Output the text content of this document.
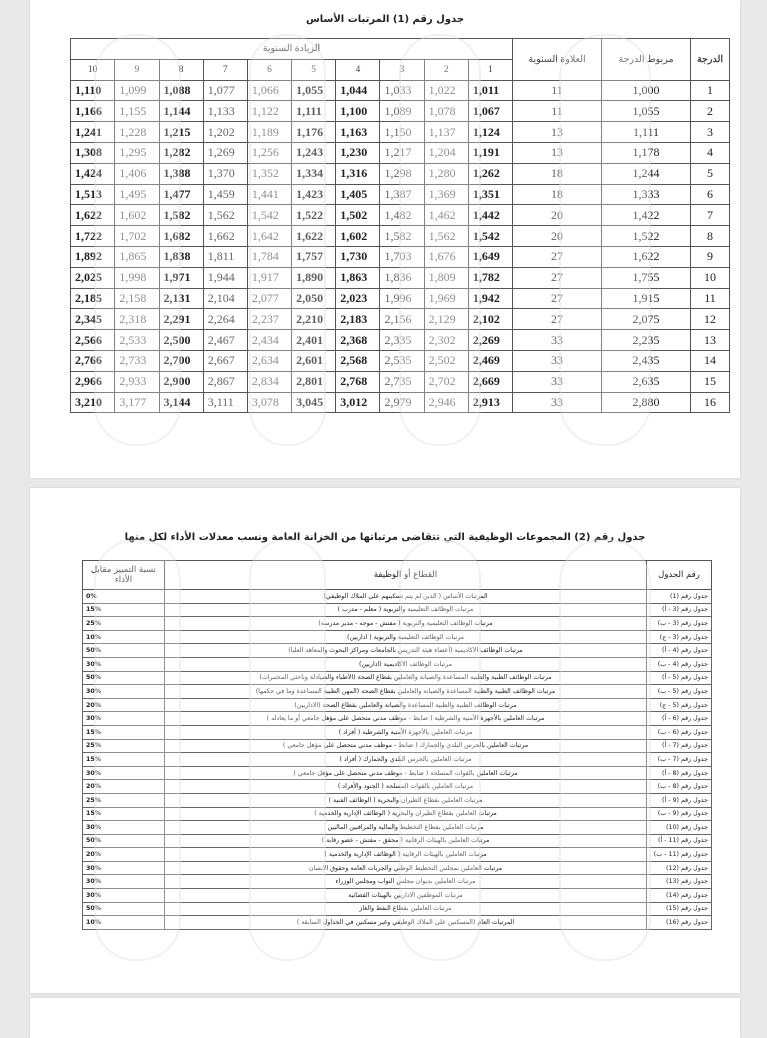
جدول رقم (1) المرتبات الأساس
الدرجة	مربوط الدرجة	العلاوة السنوية	الزيادة السنوية									
			1	2	3	4	5	6	7	8	9	10
1	1,000	11	1,011	1,022	1,033	1,044	1,055	1,066	1,077	1,088	1,099	1,110
2	1,055	11	1,067	1,078	1,089	1,100	1,111	1,122	1,133	1,144	1,155	1,166
3	1,111	13	1,124	1,137	1,150	1,163	1,176	1,189	1,202	1,215	1,228	1,241
4	1,178	13	1,191	1,204	1,217	1,230	1,243	1,256	1,269	1,282	1,295	1,308
5	1,244	18	1,262	1,280	1,298	1,316	1,334	1,352	1,370	1,388	1,406	1,424
6	1,333	18	1,351	1,369	1,387	1,405	1,423	1,441	1,459	1,477	1,495	1,513
7	1,422	20	1,442	1,462	1,482	1,502	1,522	1,542	1,562	1,582	1,602	1,622
8	1,522	20	1,542	1,562	1,582	1,602	1,622	1,642	1,662	1,682	1,702	1,722
9	1,622	27	1,649	1,676	1,703	1,730	1,757	1,784	1,811	1,838	1,865	1,892
10	1,755	27	1,782	1,809	1,836	1,863	1,890	1,917	1,944	1,971	1,998	2,025
11	1,915	27	1,942	1,969	1,996	2,023	2,050	2,077	2,104	2,131	2,158	2,185
12	2,075	27	2,102	2,129	2,156	2,183	2,210	2,237	2,264	2,291	2,318	2,345
13	2,235	33	2,269	2,302	2,335	2,368	2,401	2,434	2,467	2,500	2,533	2,566
14	2,435	33	2,469	2,502	2,535	2,568	2,601	2,634	2,667	2,700	2,733	2,766
15	2,635	33	2,669	2,702	2,735	2,768	2,801	2,834	2,867	2,900	2,933	2,966
16	2,880	33	2,913	2,946	2,979	3,012	3,045	3,078	3,111	3,144	3,177	3,210
جدول رقم (2) المجموعات الوظيفية التي تتقاضى مرتباتها من الخزانة العامة ونسب معدلات الأداء لكل منها
رقم الجدول	القطاع أو الوظيفة	نسبة التمييز مقابل الأداء
جدول رقم (1)	المرتبات الأساس ( الذين لم يتم تسكينهم على الملاك الوظيفي)	0%
جدول رقم (3 - أ)	مرتبات الوظائف التعليمية والتربوية ( معلم - مدرب )	15%
جدول رقم (3 - ب)	مرتبات الوظائف التعليمية والتربوية ( مفتش - موجه - مدير مدرسة)	25%
جدول رقم (3 - ج)	مرتبات الوظائف التعليمية والتربوية ( اداريين)	10%
جدول رقم (4 - أ)	مرتبات الوظائف الاكاديمية (أعضاء هيئة التدريس بالجامعات ومراكز البحوث والمعاهد العليا)	50%
جدول رقم (4 - ب)	مرتبات الوظائف الاكاديمية (اداريين)	30%
جدول رقم (5 - أ)	مرتبات الوظائف الطبية والطبية المساعدة والصيانة والعاملين بقطاع الصحة (الأطباء والصيادلة وباحثي المختبرات)	50%
جدول رقم (5 - ب)	مرتبات الوظائف الطبية والطبية المساعدة والصيانة والعاملين بقطاع الصحة (المهن الطبية المساعدة وما في حكمها)	30%
جدول رقم (5 - ج)	مرتبات الوظائف الطبية والطبية المساعدة والصيانة والعاملين بقطاع الصحة (الاداريين)	20%
جدول رقم (6 - أ)	مرتبات العاملين بالأجهزة الأمنية والشرطية ( ضابط - موظف مدني متحصل على مؤهل جامعي أو ما يعادله )	30%
جدول رقم (6 - ب)	مرتبات العاملين بالأجهزة الأمنية والشرطية ( أفراد )	15%
جدول رقم (7 - أ)	مرتبات العاملين بالحرس البلدي والجمارك ( ضابط - موظف مدني متحصل على مؤهل جامعي )	25%
جدول رقم (7 - ب)	مرتبات العاملين بالحرس البلدي والجمارك ( أفراد )	15%
جدول رقم (8 - أ)	مرتبات العاملين بالقوات المسلحة ( ضابط - موظف مدني متحصل على مؤهل جامعي )	30%
جدول رقم (8 - ب)	مرتبات العاملين بالقوات المسلحة ( الجنود والأفراد )	20%
جدول رقم (9 - أ)	مرتبات العاملين بقطاع الطيران والبحرية ( الوظائف الفنية )	25%
جدول رقم (9 - ب)	مرتبات العاملين بقطاع الطيران والبحرية ( الوظائف الإدارية والخدمية )	15%
جدول رقم (10)	مرتبات العاملين بقطاع التخطيط والمالية والمراقبين الماليين	30%
جدول رقم (11 - أ)	مرتبات العاملين بالهيئات الرقابية ( محقق - مفتش - عضو رقابة )	50%
جدول رقم (11 - ب)	مرتبات العاملين بالهيئات الرقابية ( الوظائف الإدارية والخدمية )	20%
جدول رقم (12)	مرتبات العاملين بمجلس التخطيط الوطني والجريات العامة وحقوق الانسان	30%
جدول رقم (13)	مرتبات العاملين بديوان مجلس النواب ومجلس الوزراء	30%
جدول رقم (14)	مرتبات الموظفين الاداريين بالهيئات القضائية	30%
جدول رقم (15)	مرتبات العاملين بقطاع النفط والغاز	50%
جدول رقم (16)	المرتبات العام (المسكنين على الملاك الوظيفي وغير مسكنين في الجداول السابقة )	10%
